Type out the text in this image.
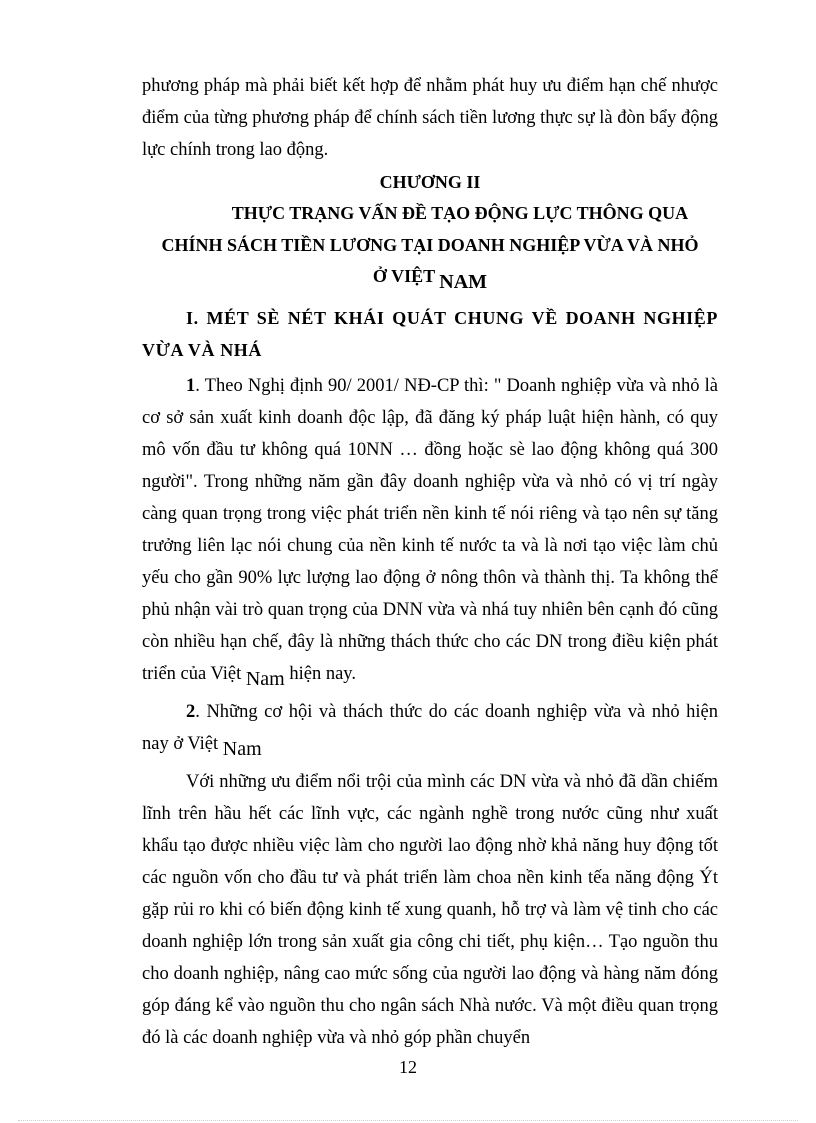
phương pháp mà phải biết kết hợp để nhằm phát huy ưu điểm hạn chế nhược điểm của từng phương pháp để chính sách tiền lương thực sự là đòn bẩy động lực chính trong lao động.

CHƯƠNG II

THỰC TRẠNG VẤN ĐỀ TẠO ĐỘNG LỰC THÔNG QUA
CHÍNH SÁCH TIỀN LƯƠNG TẠI DOANH NGHIỆP VỪA VÀ NHỎ
Ở VIỆT NAM

I. MÉT SÈ NÉT KHÁI QUÁT CHUNG VỀ DOANH NGHIỆP VỪA VÀ NHÁ

1. Theo Nghị định 90/ 2001/ NĐ-CP thì: " Doanh nghiệp vừa và nhỏ là cơ sở sản xuất kinh doanh độc lập, đã đăng ký pháp luật hiện hành, có quy mô vốn đầu tư không quá 10NN … đồng hoặc sè lao động không quá 300 người". Trong những năm gần đây doanh nghiệp vừa và nhỏ có vị trí ngày càng quan trọng trong việc phát triển nền kinh tế nói riêng và tạo nên sự tăng trưởng liên lạc nói chung của nền kinh tế nước ta và là nơi tạo việc làm chủ yếu cho gần 90% lực lượng lao động ở nông thôn và thành thị. Ta không thể phủ nhận vài trò quan trọng của DNN vừa và nhá tuy nhiên bên cạnh đó cũng còn nhiều hạn chế, đây là những thách thức cho các DN trong điều kiện phát triển của Việt Nam hiện nay.

2. Những cơ hội và thách thức do các doanh nghiệp vừa và nhỏ hiện nay ở Việt Nam

Với những ưu điểm nổi trội của mình các DN vừa và nhỏ đã dần chiếm lĩnh trên hầu hết các lĩnh vực, các ngành nghề trong nước cũng như xuất khẩu tạo được nhiều việc làm cho người lao động nhờ khả năng huy động tốt các nguồn vốn cho đầu tư và phát triển làm choa nền kinh tếa năng động Ýt gặp rủi ro khi có biến động kinh tế xung quanh, hỗ trợ và làm vệ tinh cho các doanh nghiệp lớn trong sản xuất gia công chi tiết, phụ kiện… Tạo nguồn thu cho doanh nghiệp, nâng cao mức sống của người lao động và hàng năm đóng góp đáng kể vào nguồn thu cho ngân sách Nhà nước. Và một điều quan trọng đó là các doanh nghiệp vừa và nhỏ góp phần chuyển

12
